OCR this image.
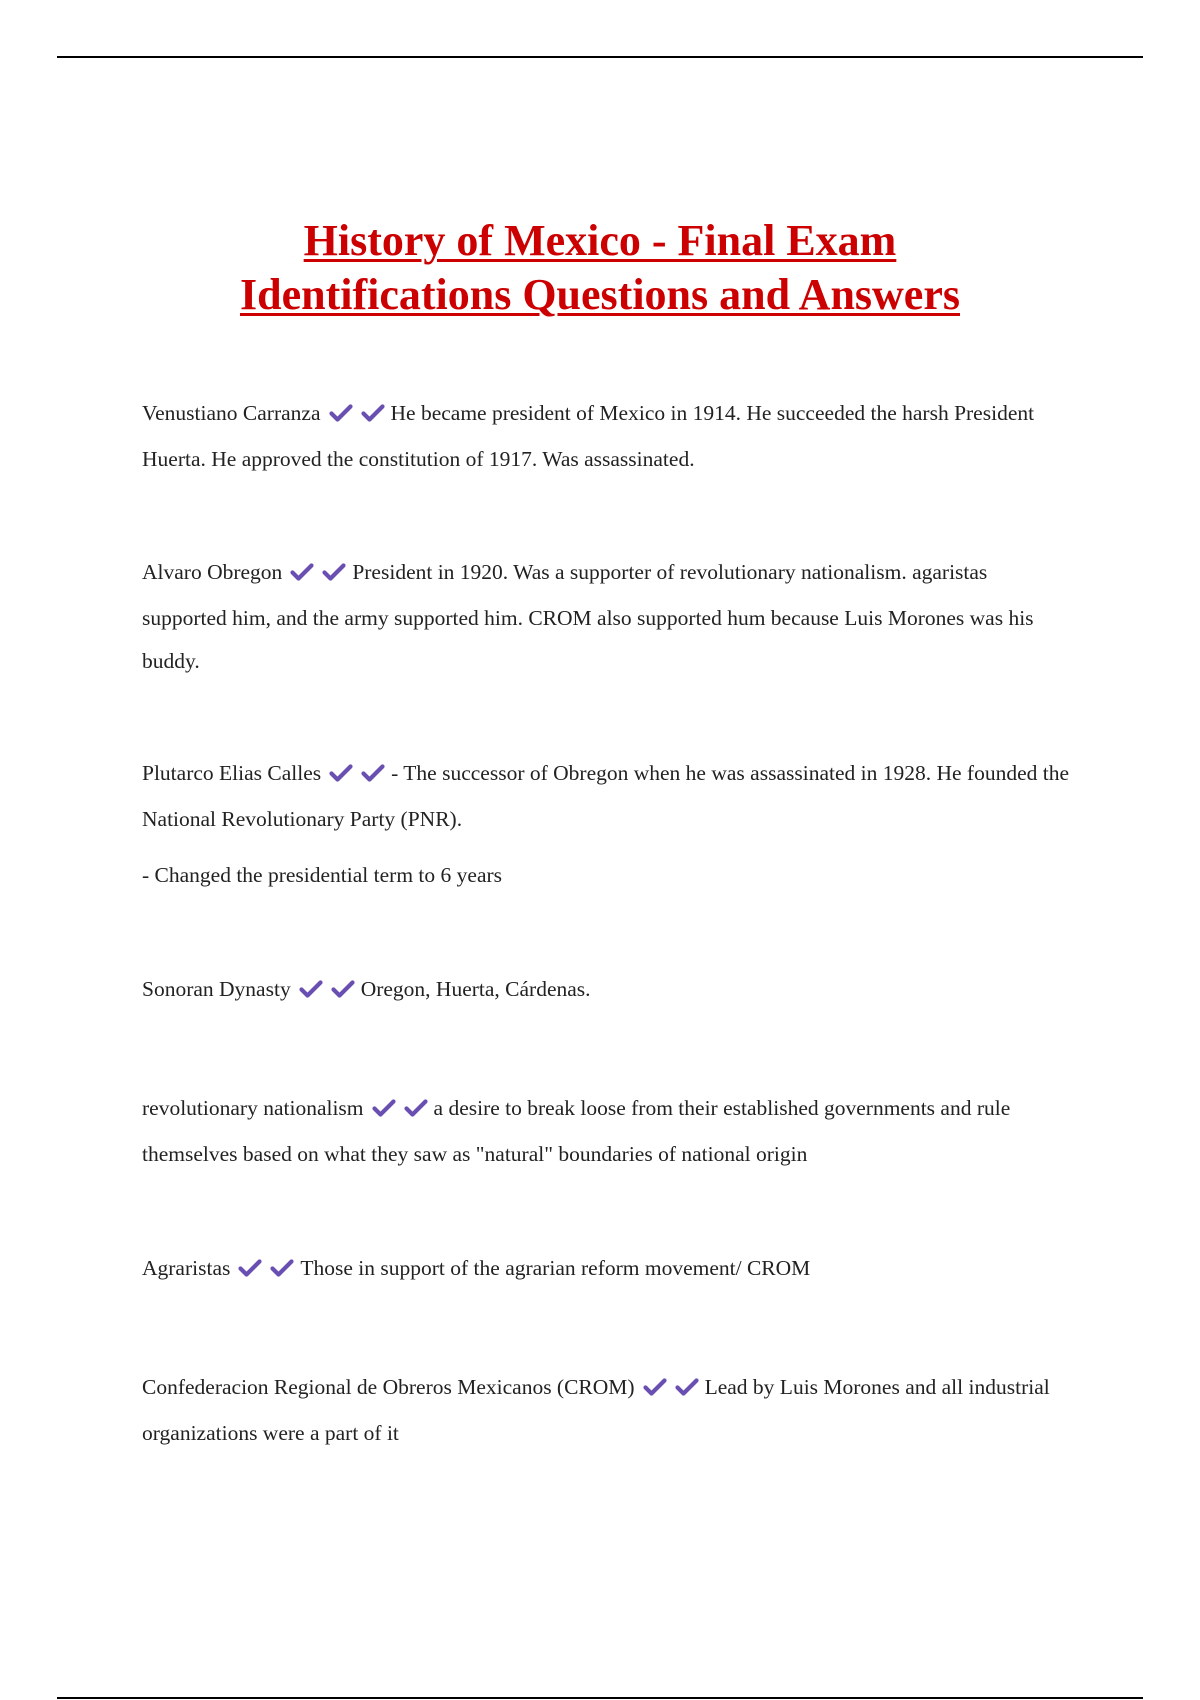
History of Mexico - Final Exam
Identifications Questions and Answers

Venustiano Carranza	He became president of Mexico in 1914. He succeeded the harsh President Huerta. He approved the constitution of 1917. Was assassinated.

Alvaro Obregon	President in 1920. Was a supporter of revolutionary nationalism. agaristas supported him, and the army supported him. CROM also supported hum because Luis Morones was his buddy.

Plutarco Elias Calles	- The successor of Obregon when he was assassinated in 1928. He founded the National Revolutionary Party (PNR).

- Changed the presidential term to 6 years

Sonoran Dynasty	Oregon, Huerta, Cárdenas.

revolutionary nationalism	a desire to break loose from their established governments and rule themselves based on what they saw as "natural" boundaries of national origin

Agraristas	Those in support of the agrarian reform movement/ CROM

Confederacion Regional de Obreros Mexicanos (CROM)	Lead by Luis Morones and all industrial organizations were a part of it
